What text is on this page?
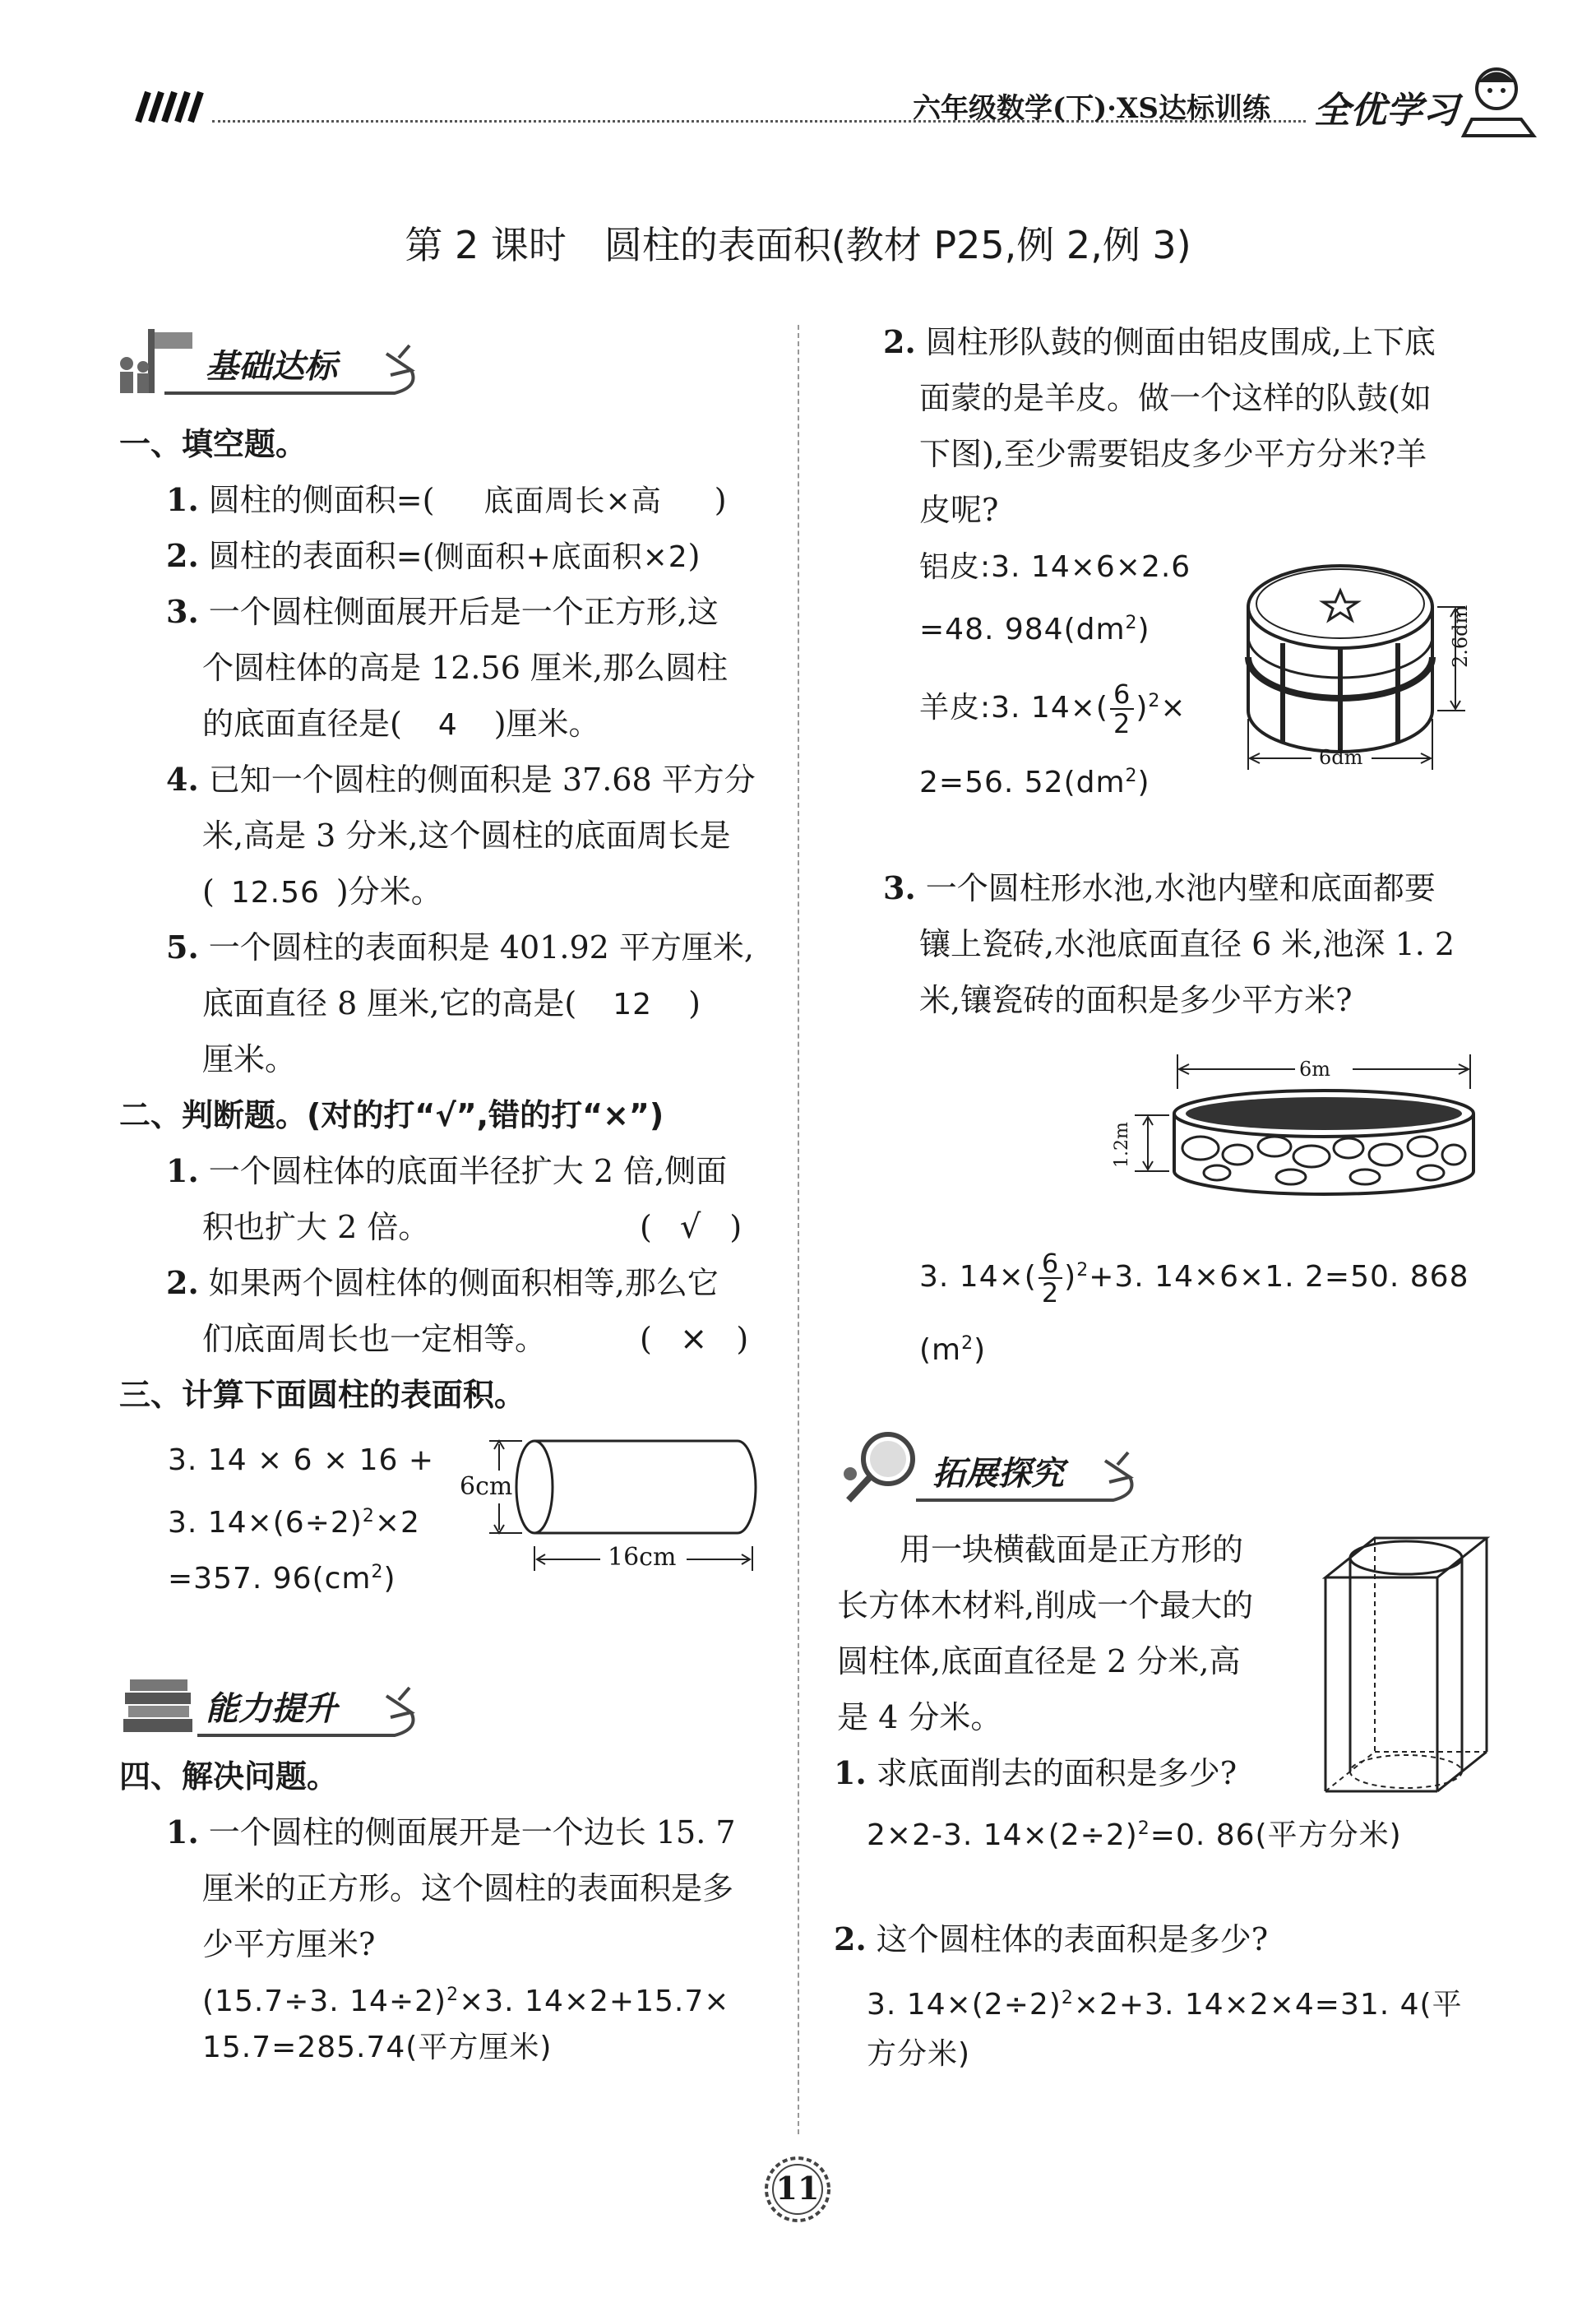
六年级数学(下)·XS达标训练 全优学习
第 2 课时　圆柱的表面积(教材 P25,例 2,例 3)
基础达标
一、填空题。
1. 圆柱的侧面积=( 底面周长×高 )
2. 圆柱的表面积=(侧面积+底面积×2)
3. 一个圆柱侧面展开后是一个正方形,这
个圆柱体的高是 12.56 厘米,那么圆柱
的底面直径是( 4 )厘米。
4. 已知一个圆柱的侧面积是 37.68 平方分
米,高是 3 分米,这个圆柱的底面周长是
( 12.56 )分米。
5. 一个圆柱的表面积是 401.92 平方厘米,
底面直径 8 厘米,它的高是( 12 )
厘米。
二、判断题。(对的打“√”,错的打“×”)
1. 一个圆柱体的底面半径扩大 2 倍,侧面
积也扩大 2 倍。	( √ )
2. 如果两个圆柱体的侧面积相等,那么它
们底面周长也一定相等。	( × )
三、计算下面圆柱的表面积。
3. 14 × 6 × 16 +
3. $14\times(6\div 2)^2\times 2$
=357. $96(cm^2)$
6cm
16cm
能力提升
四、解决问题。
1. 一个圆柱的侧面展开是一个边长 15. 7
厘米的正方形。这个圆柱的表面积是多
少平方厘米?
(15.7÷3. 14÷2)$^2$×3. 14×2+15.7×
15.7=285.74(平方厘米)
2. 圆柱形队鼓的侧面由铝皮围成,上下底
面蒙的是羊皮。做一个这样的队鼓(如
下图),至少需要铝皮多少平方分米?羊
皮呢?
铝皮:3. 14×6×2.6
=48. $984(dm^2)$
羊皮:3. $14\times( \frac{6}{2} )^2\times$
2=56. $52(dm^2)$
2.6dm
6dm
3. 一个圆柱形水池,水池内壁和底面都要
镶上瓷砖,水池底面直径 6 米,池深 1. 2
米,镶瓷砖的面积是多少平方米?
6m
1.2m
3. $14\times( \frac{6}{2} )^2+3$. 14×6×1. 2=50. 868
$(m^2)$
拓展探究
用一块横截面是正方形的
长方体木材料,削成一个最大的
圆柱体,底面直径是 2 分米,高
是 4 分米。
1. 求底面削去的面积是多少?
2×2-3. $14\times(2\div 2)^2=0$. 86(平方分米)
2. 这个圆柱体的表面积是多少?
3. $14\times(2\div 2)^2\times 2+3$. 14×2×4=31. 4(平
方分米)
11
